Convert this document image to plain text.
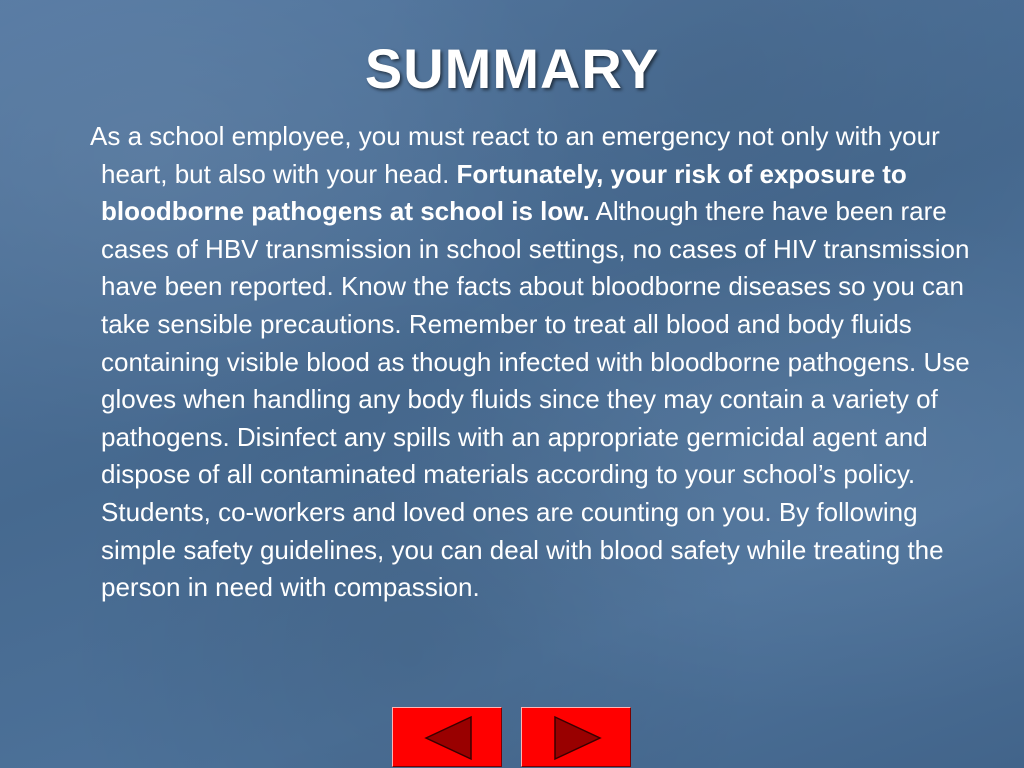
SUMMARY

As a school employee, you must react to an emergency not only with your heart, but also with your head. Fortunately, your risk of exposure to bloodborne pathogens at school is low. Although there have been rare cases of HBV transmission in school settings, no cases of HIV transmission have been reported. Know the facts about bloodborne diseases so you can take sensible precautions. Remember to treat all blood and body fluids containing visible blood as though infected with bloodborne pathogens. Use gloves when handling any body fluids since they may contain a variety of pathogens. Disinfect any spills with an appropriate germicidal agent and dispose of all contaminated materials according to your school’s policy. Students, co-workers and loved ones are counting on you. By following simple safety guidelines, you can deal with blood safety while treating the person in need with compassion.
